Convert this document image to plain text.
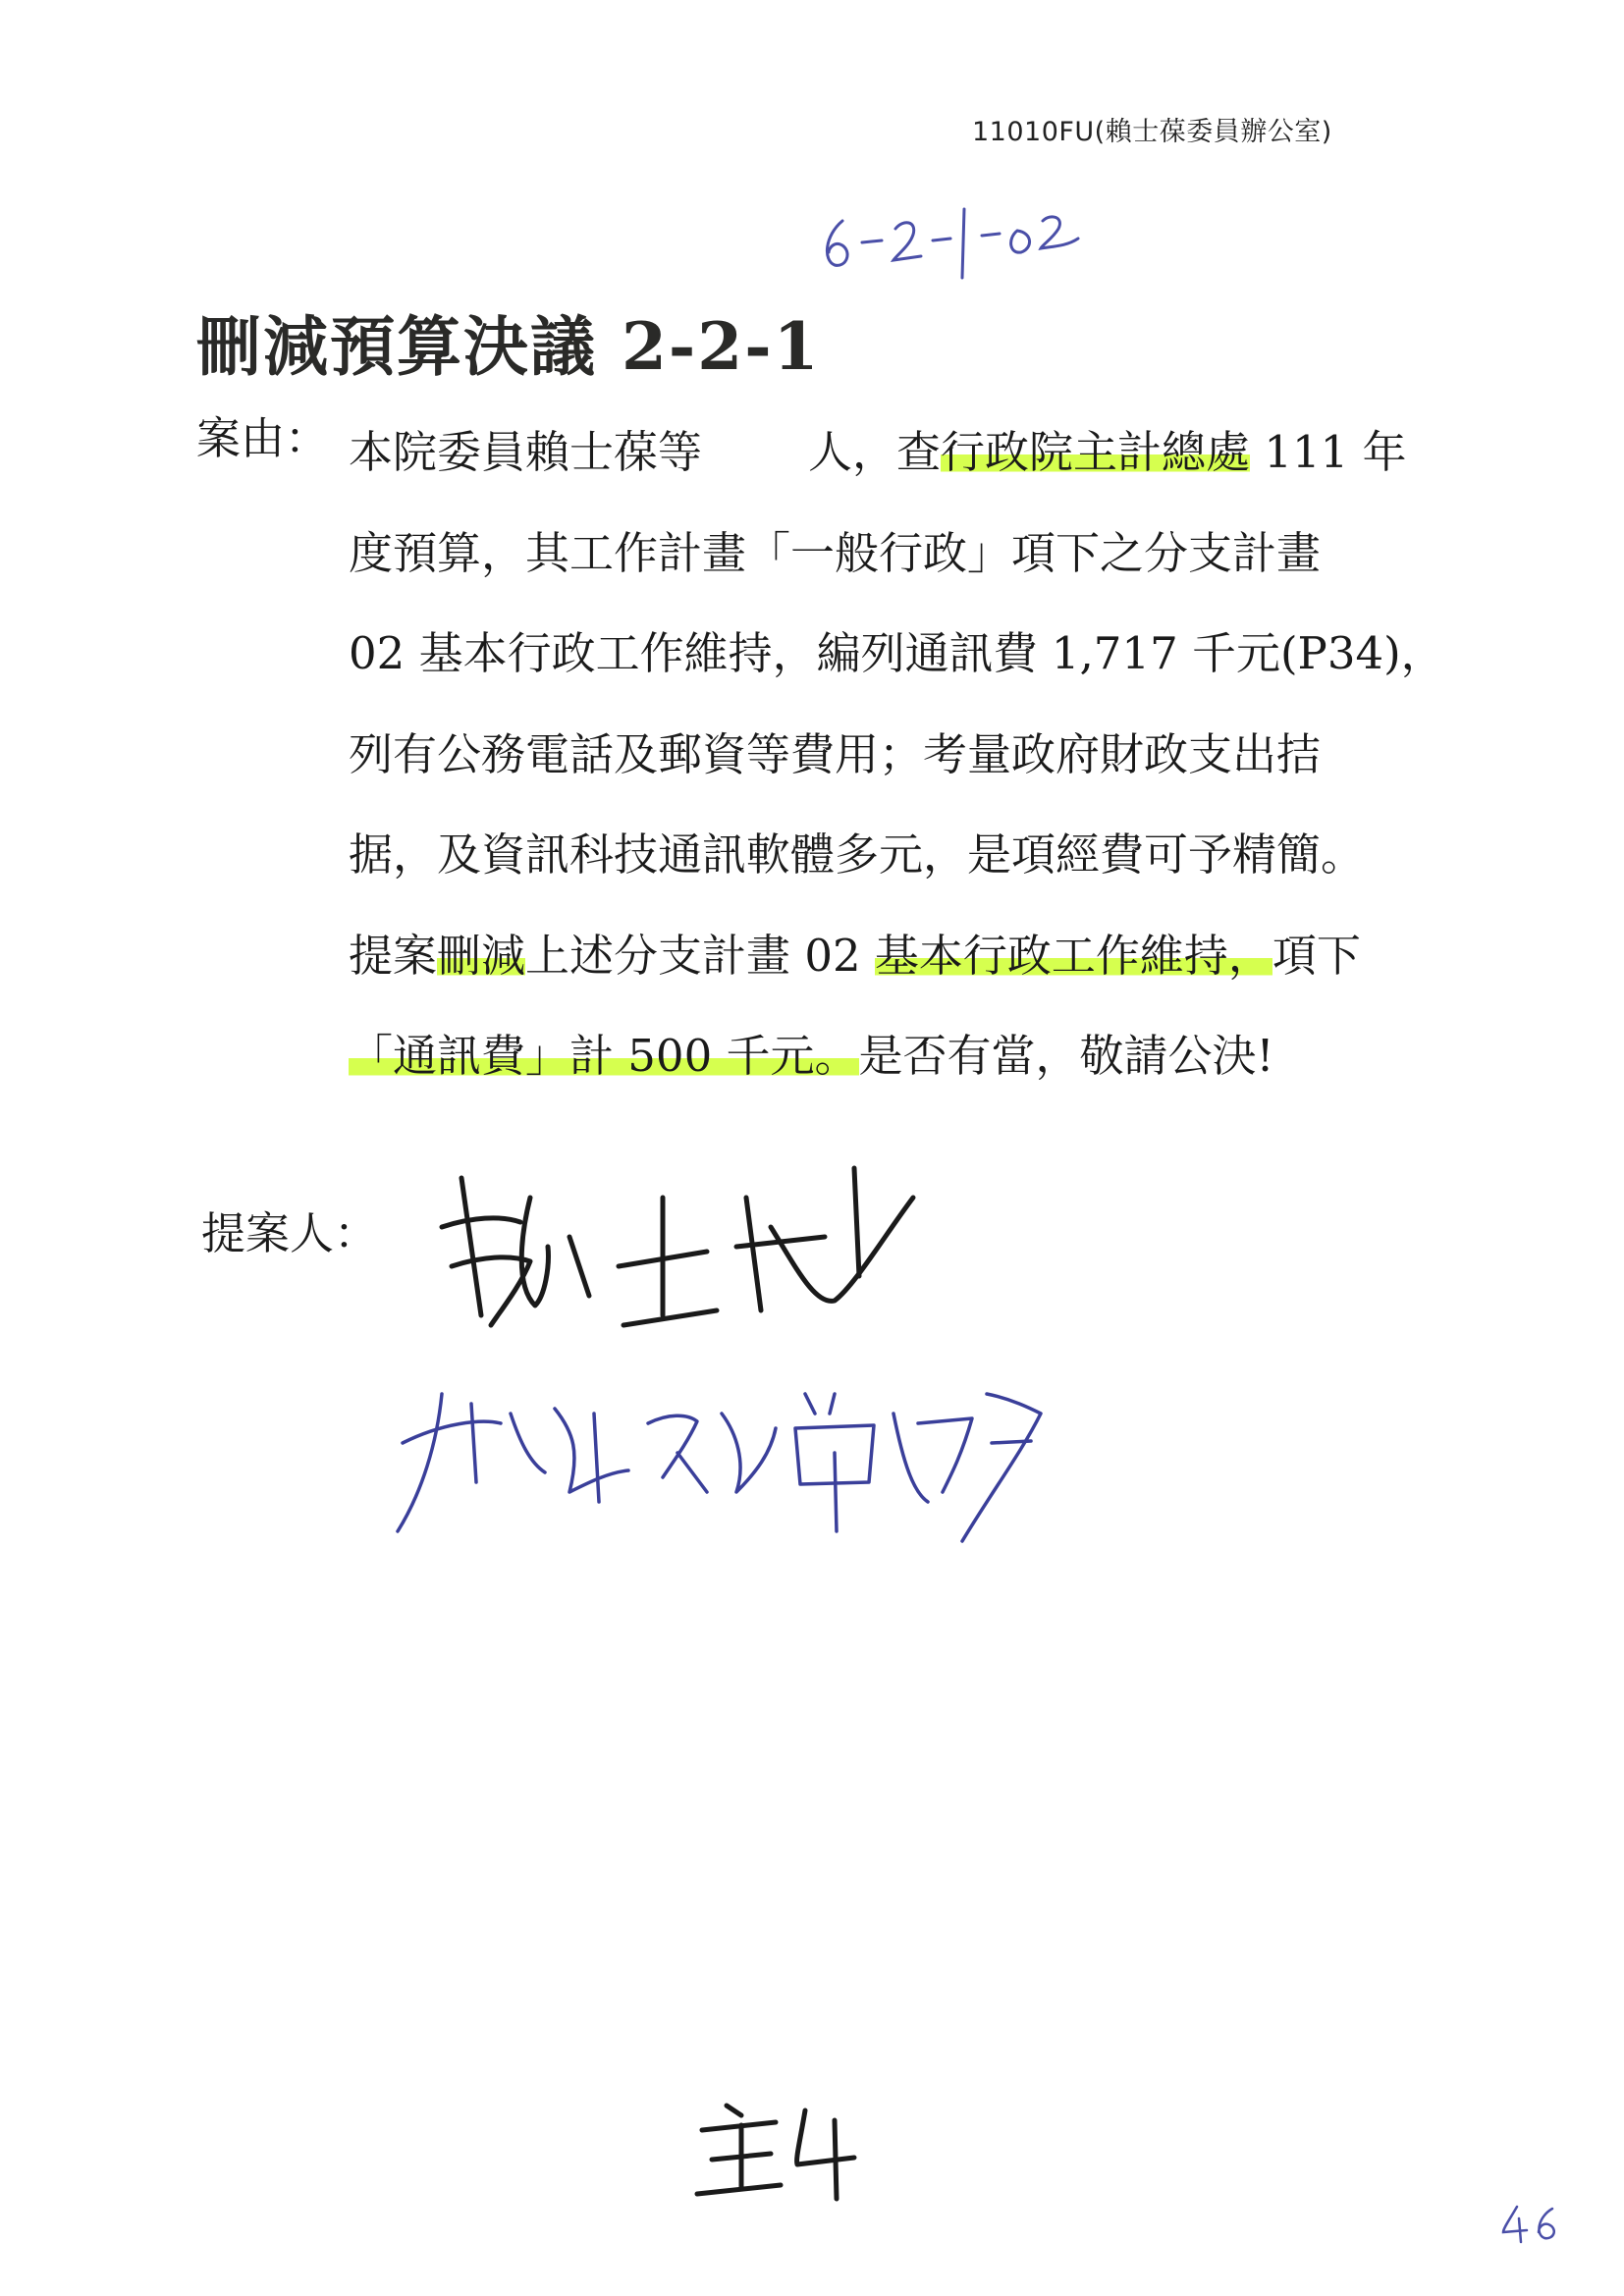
11010FU(賴士葆委員辦公室)
刪減預算決議 2-2-1
案由： 本院委員賴士葆等 人，查行政院主計總處 111 年
度預算，其工作計畫「一般行政」項下之分支計畫
02 基本行政工作維持，編列通訊費 1,717 千元(P34)，
列有公務電話及郵資等費用；考量政府財政支出拮
据，及資訊科技通訊軟體多元，是項經費可予精簡。
提案刪減上述分支計畫 02 基本行政工作維持，項下
「通訊費」計 500 千元。是否有當，敬請公決!
提案人：
